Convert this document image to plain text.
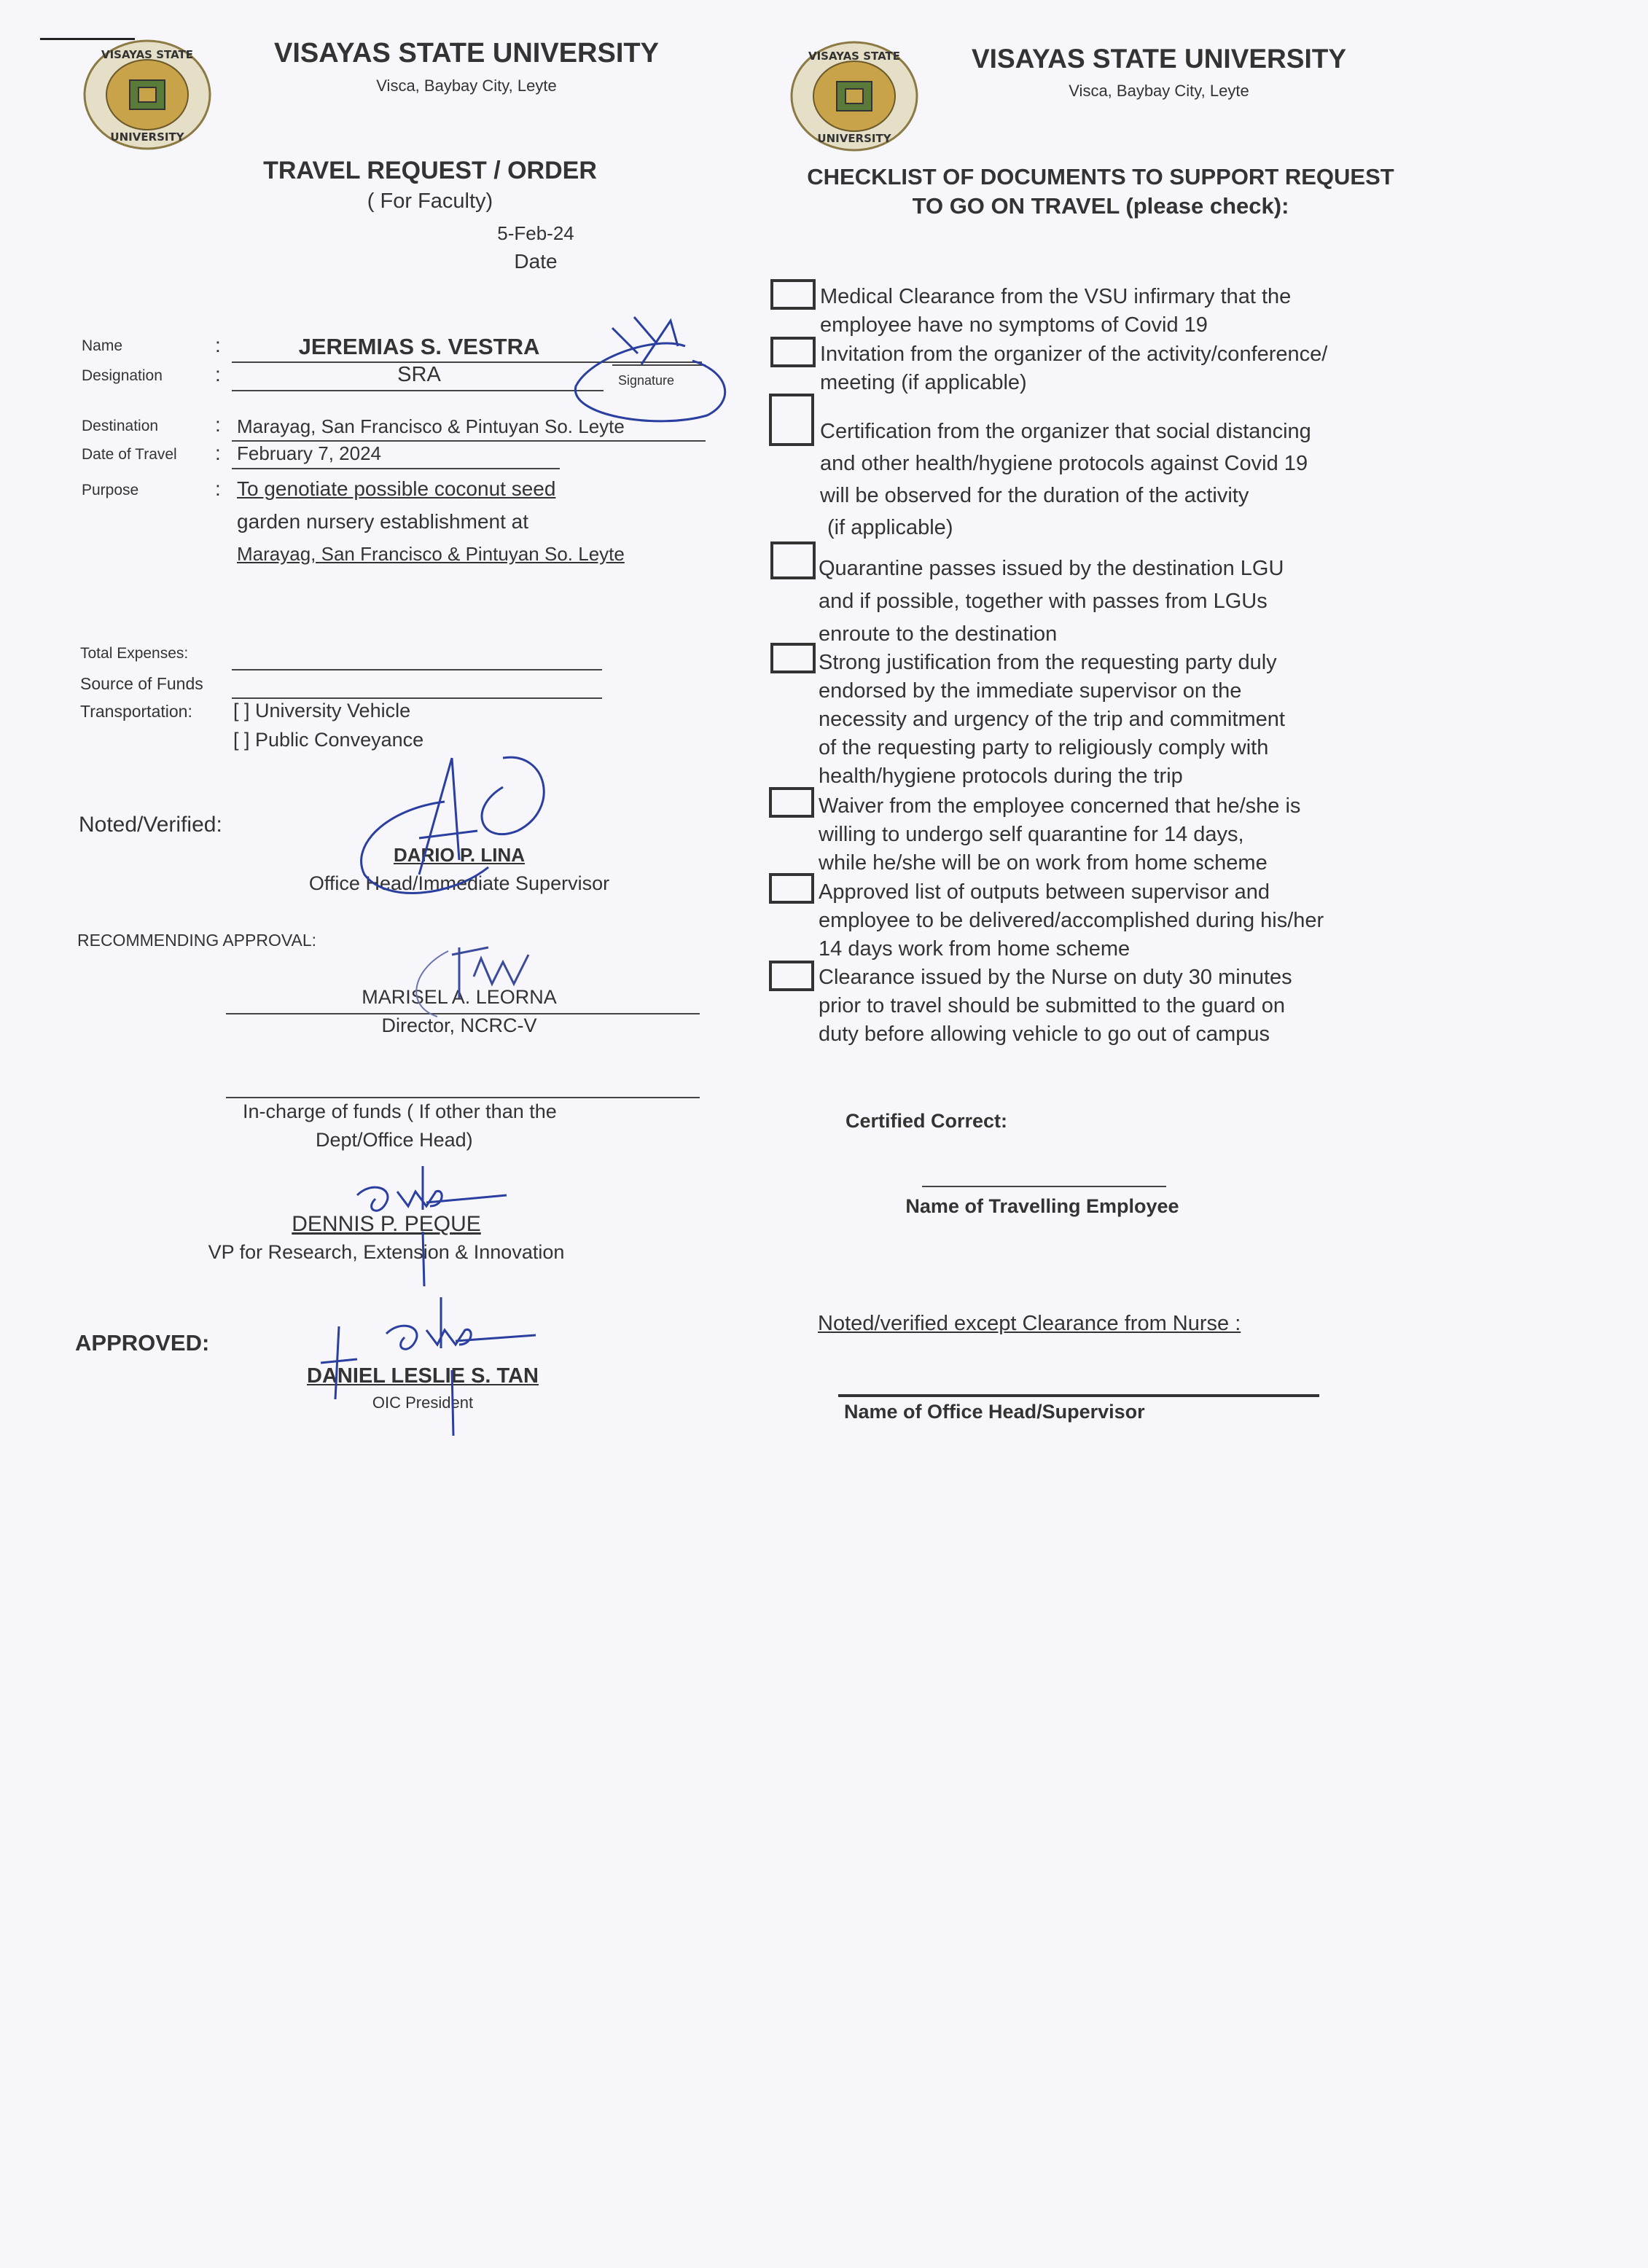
VISAYAS STATE
UNIVERSITY
VISAYAS STATE UNIVERSITY
Visca, Baybay City, Leyte
TRAVEL REQUEST / ORDER
( For Faculty)
5-Feb-24
Date
Name	:	JEREMIAS S. VESTRA
Designation	:	SRA	Signature
Destination	: Marayag, San Francisco & Pintuyan So. Leyte
Date of Travel : February 7, 2024
Purpose	: To genotiate possible coconut seed
garden nursery establishment at
Marayag, San Francisco & Pintuyan So. Leyte
Total Expenses:
Source of Funds
Transportation: [ ] University Vehicle
[ ] Public Conveyance
Noted/Verified:
DARIO P. LINA
Office Head/Immediate Supervisor
RECOMMENDING APPROVAL:
MARISEL A. LEORNA
Director, NCRC-V
In-charge of funds ( If other than the
Dept/Office Head)
DENNIS P. PEQUE
VP for Research, Extension & Innovation
APPROVED:
DANIEL LESLIE S. TAN
OIC President
VISAYAS STATE
UNIVERSITY
VISAYAS STATE UNIVERSITY
Visca, Baybay City, Leyte
CHECKLIST OF DOCUMENTS TO SUPPORT REQUEST
TO GO ON TRAVEL (please check):
Medical Clearance from the VSU infirmary that the
employee have no symptoms of Covid 19
Invitation from the organizer of the activity/conference/
meeting (if applicable)
Certification from the organizer that social distancing
and other health/hygiene protocols against Covid 19
will be observed for the duration of the activity
(if applicable)
Quarantine passes issued by the destination LGU
and if possible, together with passes from LGUs
enroute to the destination
Strong justification from the requesting party duly
endorsed by the immediate supervisor on the
necessity and urgency of the trip and commitment
of the requesting party to religiously comply with
health/hygiene protocols during the trip
Waiver from the employee concerned that he/she is
willing to undergo self quarantine for 14 days,
while he/she will be on work from home scheme
Approved list of outputs between supervisor and
employee to be delivered/accomplished during his/her
14 days work from home scheme
Clearance issued by the Nurse on duty 30 minutes
prior to travel should be submitted to the guard on
duty before allowing vehicle to go out of campus
Certified Correct:
Name of Travelling Employee
Noted/verified except Clearance from Nurse :
Name of Office Head/Supervisor
